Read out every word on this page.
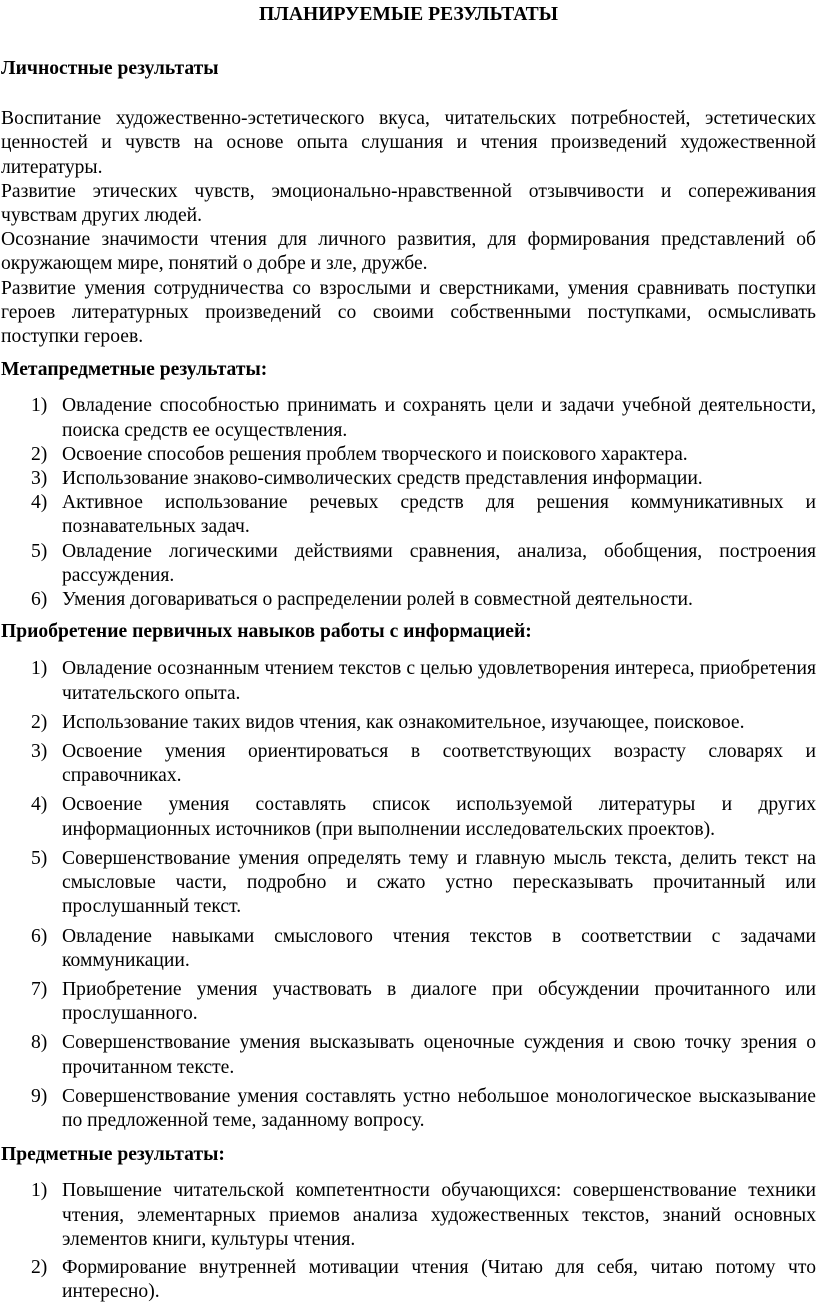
ПЛАНИРУЕМЫЕ РЕЗУЛЬТАТЫ

Личностные результаты

Воспитание художественно-эстетического вкуса, читательских потребностей, эстетических ценностей и чувств на основе опыта слушания и чтения произведений художественной литературы.

Развитие этических чувств, эмоционально-нравственной отзывчивости и сопереживания чувствам других людей.

Осознание значимости чтения для личного развития, для формирования представлений об окружающем мире, понятий о добре и зле, дружбе.

Развитие умения сотрудничества со взрослыми и сверстниками, умения сравнивать поступки героев литературных произведений со своими собственными поступками, осмысливать поступки героев.

Метапредметные результаты:

1) Овладение способностью принимать и сохранять цели и задачи учебной деятельности, поиска средств ее осуществления.
2) Освоение способов решения проблем творческого и поискового характера.
3) Использование знаково-символических средств представления информации.
4) Активное использование речевых средств для решения коммуникативных и познавательных задач.
5) Овладение логическими действиями сравнения, анализа, обобщения, построения рассуждения.
6) Умения договариваться о распределении ролей в совместной деятельности.

Приобретение первичных навыков работы с информацией:

1) Овладение осознанным чтением текстов с целью удовлетворения интереса, приобретения читательского опыта.
2) Использование таких видов чтения, как ознакомительное, изучающее, поисковое.
3) Освоение умения ориентироваться в соответствующих возрасту словарях и справочниках.
4) Освоение умения составлять список используемой литературы и других информационных источников (при выполнении исследовательских проектов).
5) Совершенствование умения определять тему и главную мысль текста, делить текст на смысловые части, подробно и сжато устно пересказывать прочитанный или прослушанный текст.
6) Овладение навыками смыслового чтения текстов в соответствии с задачами коммуникации.
7) Приобретение умения участвовать в диалоге при обсуждении прочитанного или прослушанного.
8) Совершенствование умения высказывать оценочные суждения и свою точку зрения о прочитанном тексте.
9) Совершенствование умения составлять устно небольшое монологическое высказывание по предложенной теме, заданному вопросу.

Предметные результаты:

1) Повышение читательской компетентности обучающихся: совершенствование техники чтения, элементарных приемов анализа художественных текстов, знаний основных элементов книги, культуры чтения.
2) Формирование внутренней мотивации чтения (Читаю для себя, читаю потому что интересно).
